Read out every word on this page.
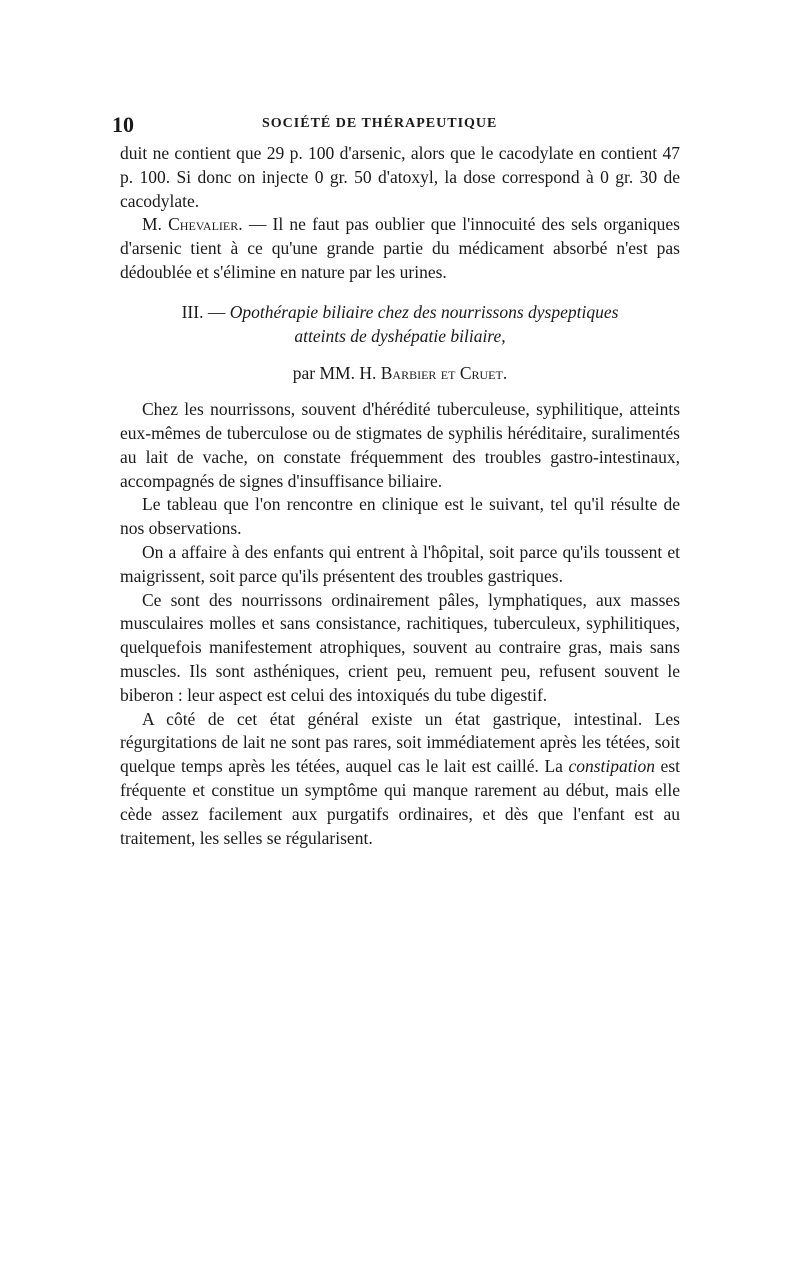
10	SOCIÉTÉ DE THÉRAPEUTIQUE

duit ne contient que 29 p. 100 d'arsenic, alors que le cacodylate en contient 47 p. 100. Si donc on injecte 0 gr. 50 d'atoxyl, la dose correspond à 0 gr. 30 de cacodylate.

M. Chevalier. — Il ne faut pas oublier que l'innocuité des sels organiques d'arsenic tient à ce qu'une grande partie du médicament absorbé n'est pas dédoublée et s'élimine en nature par les urines.

III. — Opothérapie biliaire chez des nourrissons dyspeptiques
atteints de dyshépatie biliaire,

par MM. H. Barbier et Cruet.

Chez les nourrissons, souvent d'hérédité tuberculeuse, syphilitique, atteints eux-mêmes de tuberculose ou de stigmates de syphilis héréditaire, suralimentés au lait de vache, on constate fréquemment des troubles gastro-intestinaux, accompagnés de signes d'insuffisance biliaire.

Le tableau que l'on rencontre en clinique est le suivant, tel qu'il résulte de nos observations.

On a affaire à des enfants qui entrent à l'hôpital, soit parce qu'ils toussent et maigrissent, soit parce qu'ils présentent des troubles gastriques.

Ce sont des nourrissons ordinairement pâles, lymphatiques, aux masses musculaires molles et sans consistance, rachitiques, tuberculeux, syphilitiques, quelquefois manifestement atrophiques, souvent au contraire gras, mais sans muscles. Ils sont asthéniques, crient peu, remuent peu, refusent souvent le biberon : leur aspect est celui des intoxiqués du tube digestif.

A côté de cet état général existe un état gastrique, intestinal. Les régurgitations de lait ne sont pas rares, soit immédiatement après les tétées, soit quelque temps après les tétées, auquel cas le lait est caillé. La constipation est fréquente et constitue un symptôme qui manque rarement au début, mais elle cède assez facilement aux purgatifs ordinaires, et dès que l'enfant est au traitement, les selles se régularisent.
